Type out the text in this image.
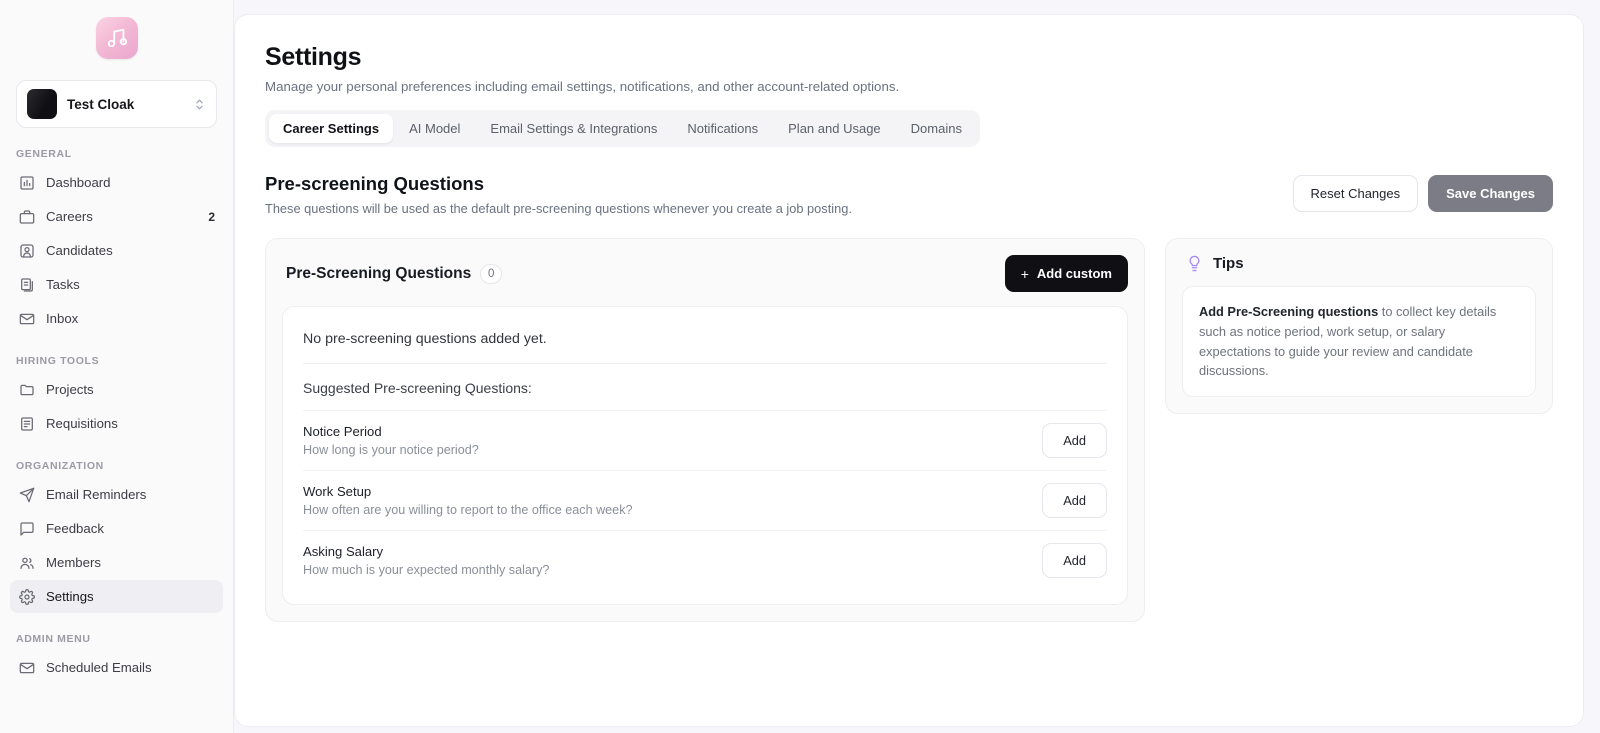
Test Cloak
GENERAL
Dashboard
Careers	2
Candidates
Tasks
Inbox
HIRING TOOLS
Projects
Requisitions
ORGANIZATION
Email Reminders
Feedback
Members
Settings
ADMIN MENU
Scheduled Emails
Settings
Manage your personal preferences including email settings, notifications, and other account-related options.
Career Settings	AI Model	Email Settings & Integrations	Notifications	Plan and Usage	Domains
Pre-screening Questions
These questions will be used as the default pre-screening questions whenever you create a job posting.
Reset Changes	Save Changes
Pre-Screening Questions	0	+ Add custom
No pre-screening questions added yet.
Suggested Pre-screening Questions:
Notice Period
How long is your notice period?
Add
Work Setup
How often are you willing to report to the office each week?
Add
Asking Salary
How much is your expected monthly salary?
Add
Tips
Add Pre-Screening questions to collect key details such as notice period, work setup, or salary expectations to guide your review and candidate discussions.
